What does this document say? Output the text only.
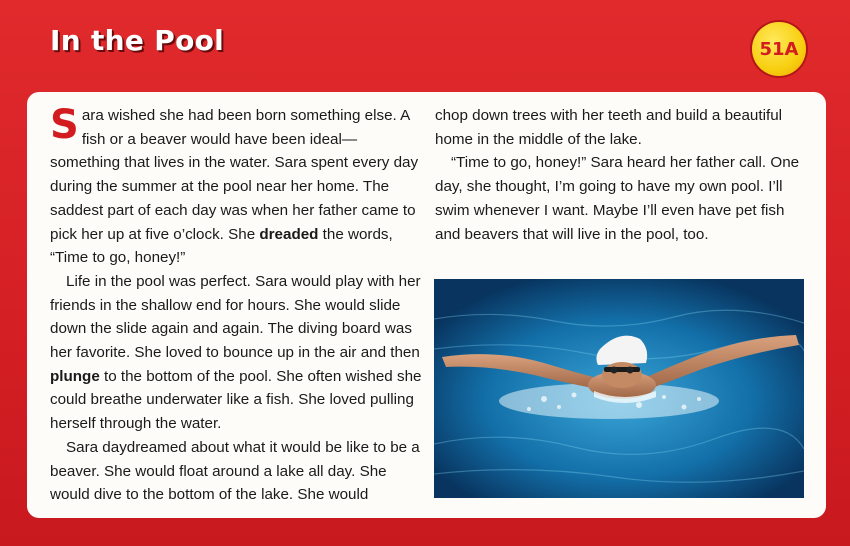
In the Pool	51A

Sara wished she had been born something else. A fish or a beaver would have been ideal—something that lives in the water. Sara spent every day during the summer at the pool near her home. The saddest part of each day was when her father came to pick her up at five o’clock. She dreaded the words, “Time to go, honey!”

Life in the pool was perfect. Sara would play with her friends in the shallow end for hours. She would slide down the slide again and again. The diving board was her favorite. She loved to bounce up in the air and then plunge to the bottom of the pool. She often wished she could breathe underwater like a fish. She loved pulling herself through the water.

Sara daydreamed about what it would be like to be a beaver. She would float around a lake all day. She would dive to the bottom of the lake. She would

chop down trees with her teeth and build a beautiful home in the middle of the lake.

“Time to go, honey!” Sara heard her father call. One day, she thought, I’m going to have my own pool. I’ll swim whenever I want. Maybe I’ll even have pet fish and beavers that will live in the pool, too.
